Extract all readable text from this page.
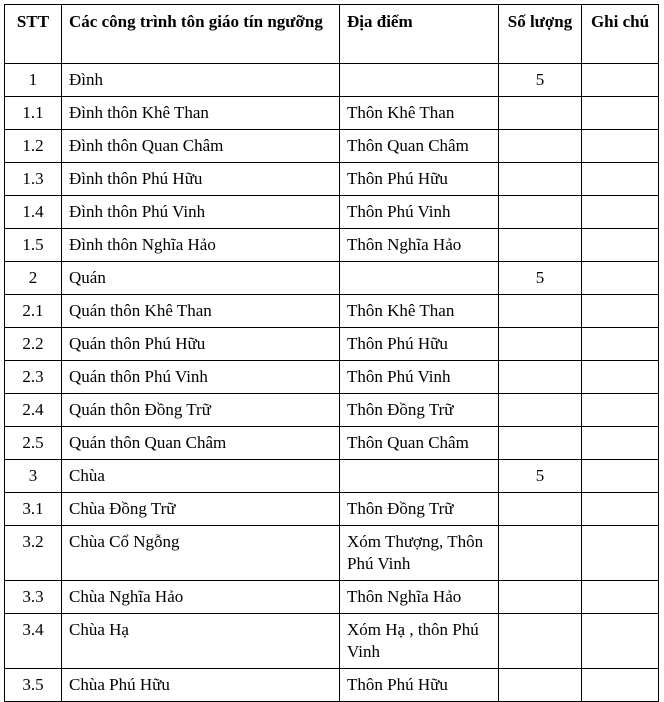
STT	Các công trình tôn giáo tín ngưỡng	Địa điểm	Số lượng	Ghi chú
1	Đình		5	
1.1	Đình thôn Khê Than	Thôn Khê Than		
1.2	Đình thôn Quan Châm	Thôn Quan Châm		
1.3	Đình thôn Phú Hữu	Thôn Phú Hữu		
1.4	Đình thôn Phú Vinh	Thôn Phú Vinh		
1.5	Đình thôn Nghĩa Hảo	Thôn Nghĩa Hảo		
2	Quán		5	
2.1	Quán thôn Khê Than	Thôn Khê Than		
2.2	Quán thôn Phú Hữu	Thôn Phú Hữu		
2.3	Quán thôn Phú Vinh	Thôn Phú Vinh		
2.4	Quán thôn Đồng Trữ	Thôn Đồng Trữ		
2.5	Quán thôn Quan Châm	Thôn Quan Châm		
3	Chùa		5	
3.1	Chùa Đồng Trữ	Thôn Đồng Trữ		
3.2	Chùa Cổ Ngỗng	Xóm Thượng, Thôn Phú Vinh		
3.3	Chùa Nghĩa Hảo	Thôn Nghĩa Hảo		
3.4	Chùa Hạ	Xóm Hạ , thôn Phú Vinh		
3.5	Chùa Phú Hữu	Thôn Phú Hữu		
